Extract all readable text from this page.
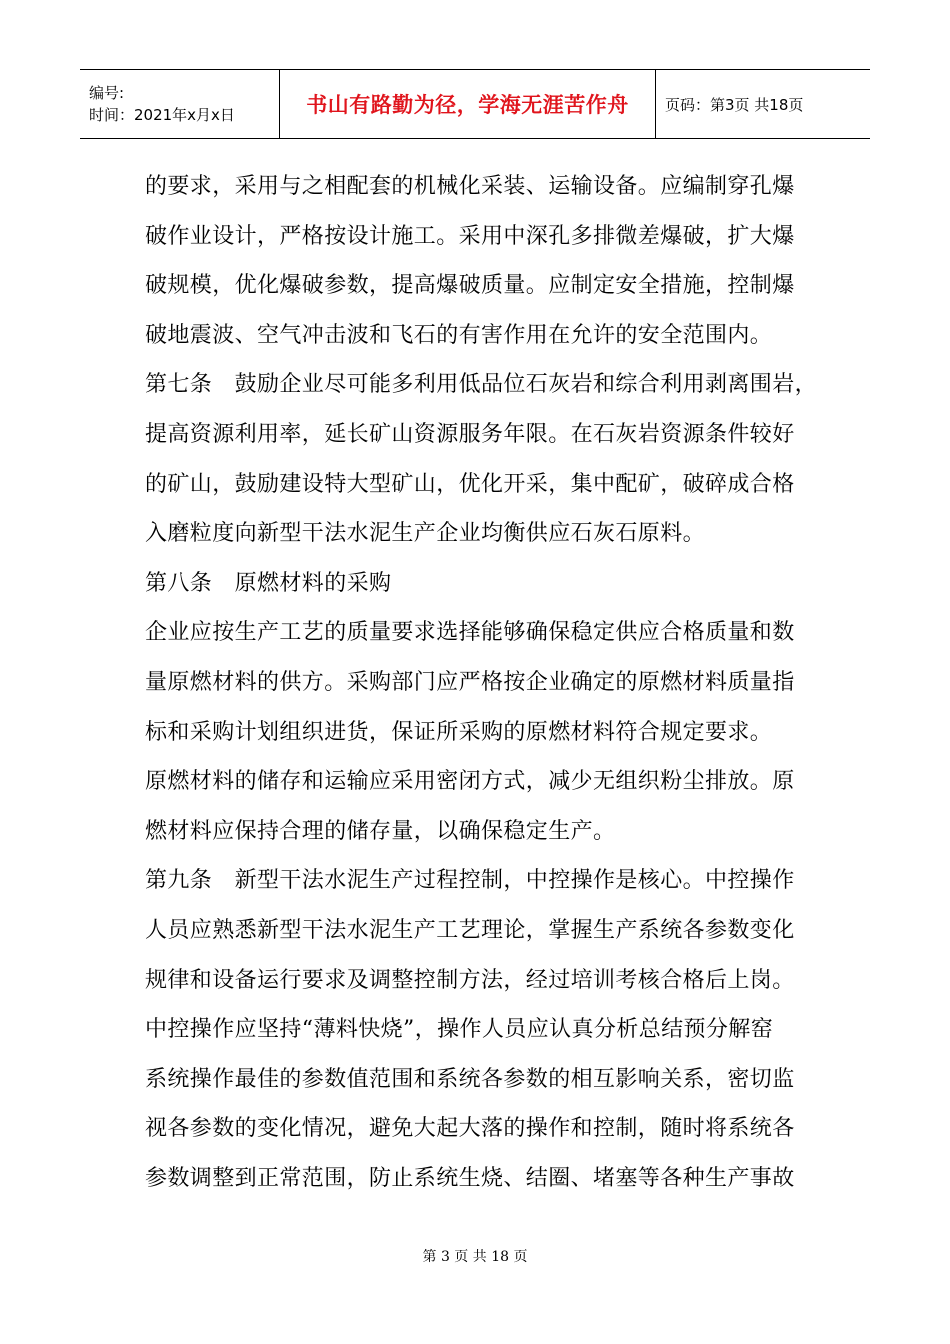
编号:
时间：2021年x月x日	书山有路勤为径，学海无涯苦作舟	页码：第3页 共18页

的要求，采用与之相配套的机械化采装、运输设备。应编制穿孔爆

破作业设计，严格按设计施工。采用中深孔多排微差爆破，扩大爆

破规模，优化爆破参数，提高爆破质量。应制定安全措施，控制爆

破地震波、空气冲击波和飞石的有害作用在允许的安全范围内。

第七条　鼓励企业尽可能多利用低品位石灰岩和综合利用剥离围岩，

提高资源利用率，延长矿山资源服务年限。在石灰岩资源条件较好

的矿山，鼓励建设特大型矿山，优化开采，集中配矿，破碎成合格

入磨粒度向新型干法水泥生产企业均衡供应石灰石原料。

第八条　原燃材料的采购

企业应按生产工艺的质量要求选择能够确保稳定供应合格质量和数

量原燃材料的供方。采购部门应严格按企业确定的原燃材料质量指

标和采购计划组织进货，保证所采购的原燃材料符合规定要求。

原燃材料的储存和运输应采用密闭方式，减少无组织粉尘排放。原

燃材料应保持合理的储存量，以确保稳定生产。

第九条　新型干法水泥生产过程控制，中控操作是核心。中控操作

人员应熟悉新型干法水泥生产工艺理论，掌握生产系统各参数变化

规律和设备运行要求及调整控制方法，经过培训考核合格后上岗。

中控操作应坚持“薄料快烧”，操作人员应认真分析总结预分解窑

系统操作最佳的参数值范围和系统各参数的相互影响关系，密切监

视各参数的变化情况，避免大起大落的操作和控制，随时将系统各

参数调整到正常范围，防止系统生烧、结圈、堵塞等各种生产事故

第 3 页 共 18 页
